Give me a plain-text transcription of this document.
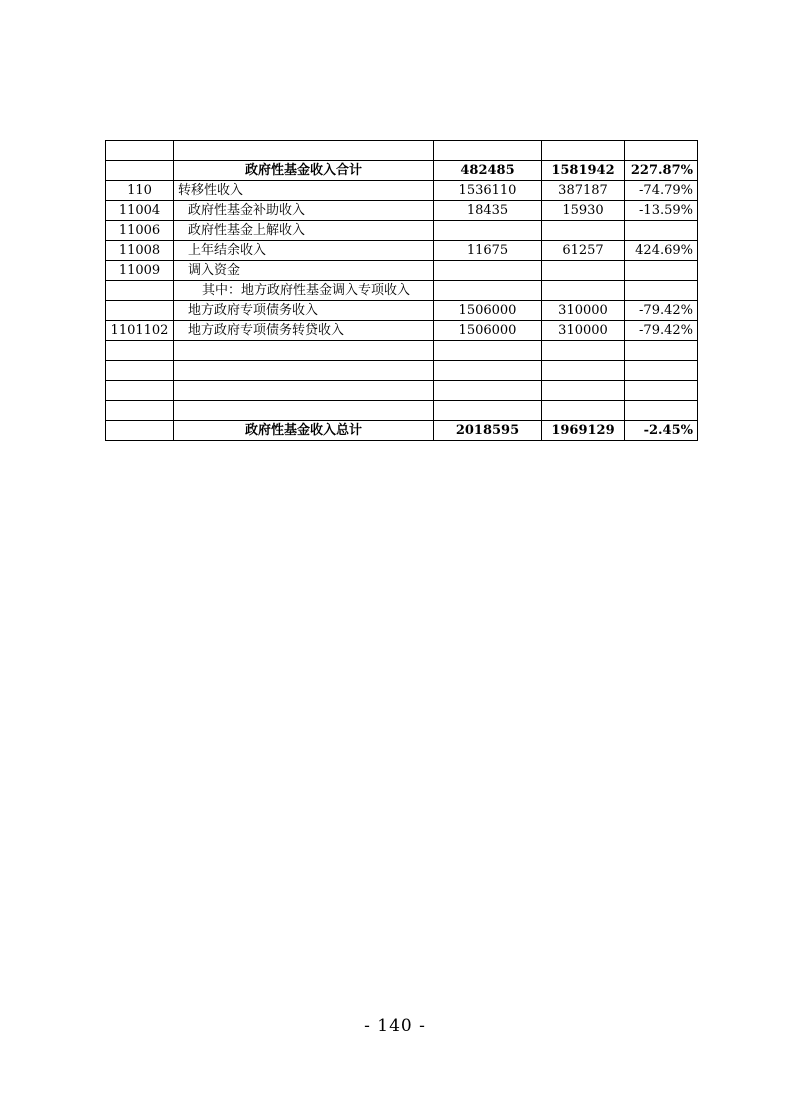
	政府性基金收入合计	482485	1581942	227.87%
110	转移性收入	1536110	387187	-74.79%
11004	政府性基金补助收入	18435	15930	-13.59%
11006	政府性基金上解收入			
11008	上年结余收入	11675	61257	424.69%
11009	调入资金			
	其中：地方政府性基金调入专项收入			
	地方政府专项债务收入	1506000	310000	-79.42%
1101102	地方政府专项债务转贷收入	1506000	310000	-79.42%

	政府性基金收入总计	2018595	1969129	-2.45%
- 140 -
